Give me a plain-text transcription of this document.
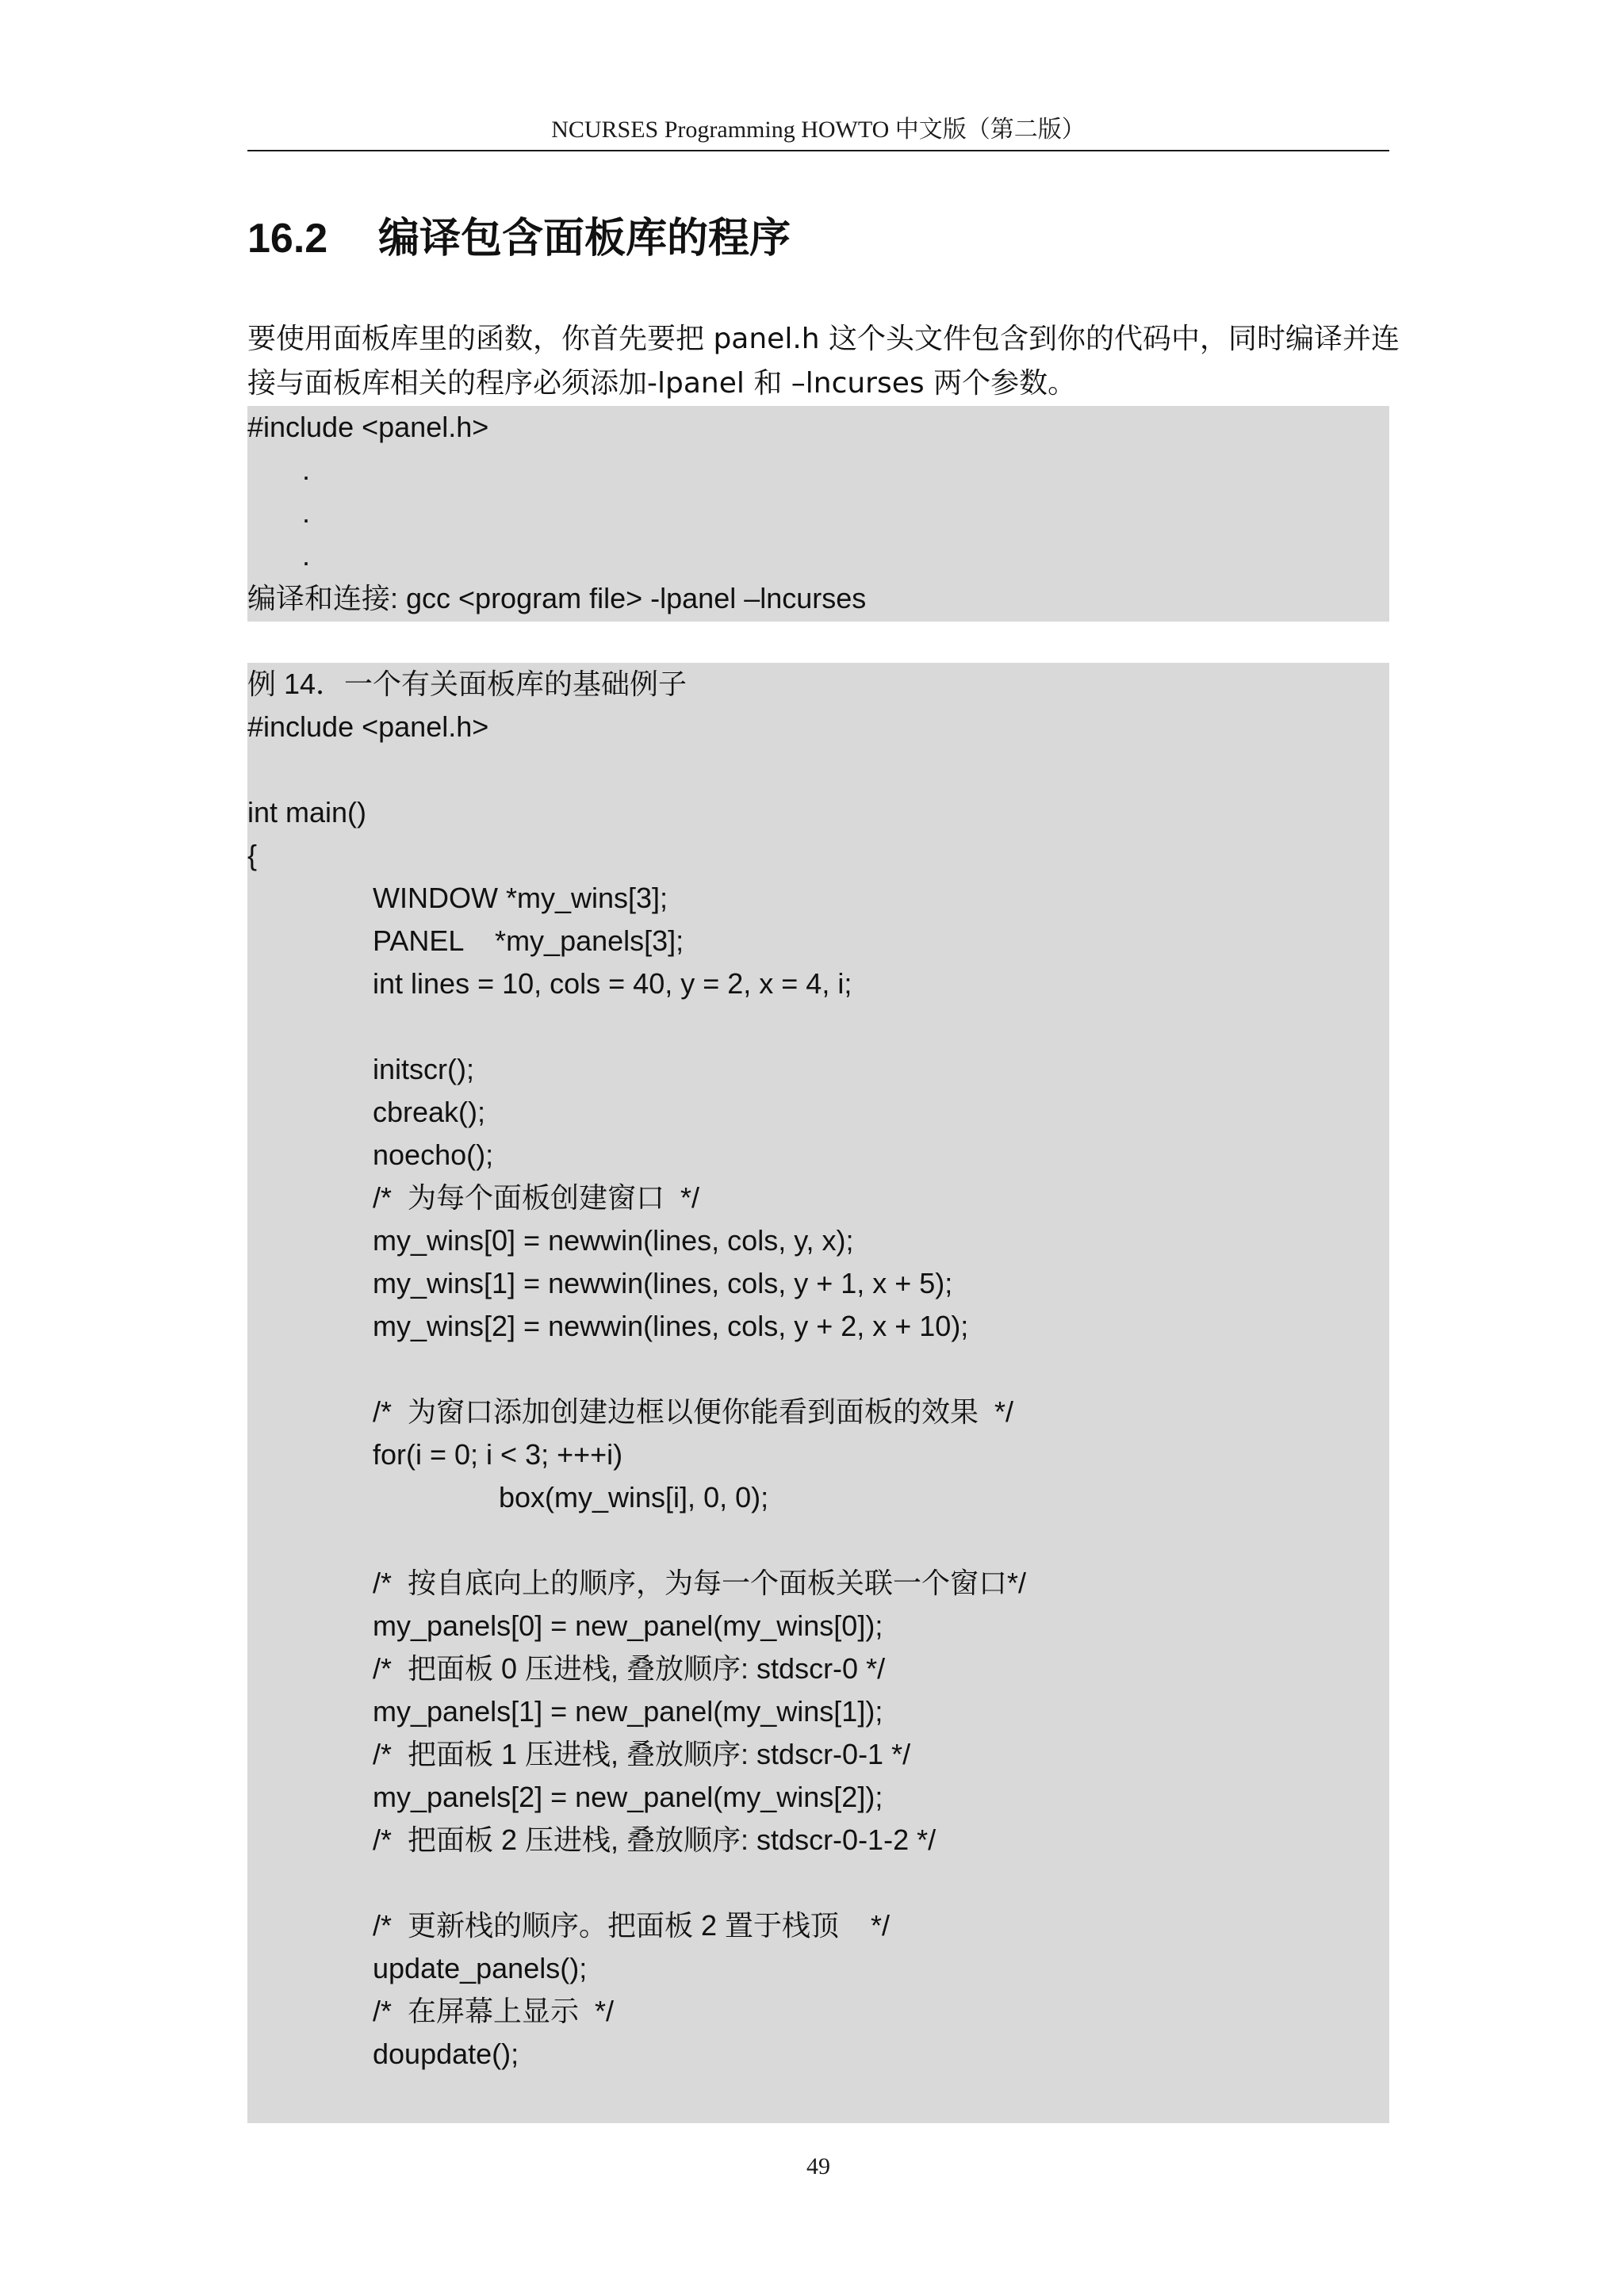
NCURSES Programming HOWTO 中文版（第二版）
16.2 编译包含面板库的程序
要使用面板库里的函数，你首先要把 panel.h 这个头文件包含到你的代码中，同时编译并连
接与面板库相关的程序必须添加-lpanel 和 –lncurses 两个参数。
#include <panel.h>
.
.
.
编译和连接: gcc <program file> -lpanel –lncurses
例 14．一个有关面板库的基础例子
#include <panel.h>
int main()
{
WINDOW *my_wins[3];
PANEL    *my_panels[3];
int lines = 10, cols = 40, y = 2, x = 4, i;
initscr();
cbreak();
noecho();
/*  为每个面板创建窗口  */
my_wins[0] = newwin(lines, cols, y, x);
my_wins[1] = newwin(lines, cols, y + 1, x + 5);
my_wins[2] = newwin(lines, cols, y + 2, x + 10);
/*  为窗口添加创建边框以便你能看到面板的效果  */
for(i = 0; i < 3; +++i)
box(my_wins[i], 0, 0);
/*  按自底向上的顺序，为每一个面板关联一个窗口*/
my_panels[0] = new_panel(my_wins[0]);
/*  把面板 0 压进栈, 叠放顺序: stdscr-0 */
my_panels[1] = new_panel(my_wins[1]);
/*  把面板 1 压进栈, 叠放顺序: stdscr-0-1 */
my_panels[2] = new_panel(my_wins[2]);
/*  把面板 2 压进栈, 叠放顺序: stdscr-0-1-2 */
/*  更新栈的顺序。把面板 2 置于栈顶    */
update_panels();
/*  在屏幕上显示  */
doupdate();
49
